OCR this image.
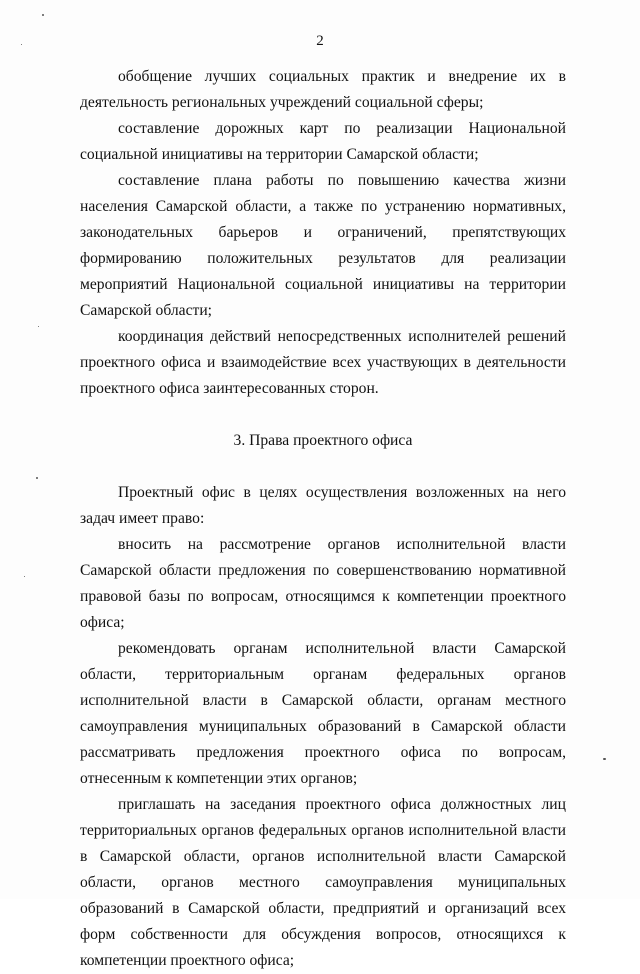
2

обобщение лучших социальных практик и внедрение их в деятельность региональных учреждений социальной сферы;

составление дорожных карт по реализации Национальной социальной инициативы на территории Самарской области;

составление плана работы по повышению качества жизни населения Самарской области, а также по устранению нормативных, законодательных барьеров и ограничений, препятствующих формированию положительных результатов для реализации мероприятий Национальной социальной инициативы на территории Самарской области;

координация действий непосредственных исполнителей решений проектного офиса и взаимодействие всех участвующих в деятельности проектного офиса заинтересованных сторон.

3. Права проектного офиса

Проектный офис в целях осуществления возложенных на него задач имеет право:

вносить на рассмотрение органов исполнительной власти Самарской области предложения по совершенствованию нормативной правовой базы по вопросам, относящимся к компетенции проектного офиса;

рекомендовать органам исполнительной власти Самарской области, территориальным органам федеральных органов исполнительной власти в Самарской области, органам местного самоуправления муниципальных образований в Самарской области рассматривать предложения проектного офиса по вопросам, отнесенным к компетенции этих органов;

приглашать на заседания проектного офиса должностных лиц территориальных органов федеральных органов исполнительной власти в Самарской области, органов исполнительной власти Самарской области, органов местного самоуправления муниципальных образований в Самарской области, предприятий и организаций всех форм собственности для обсуждения вопросов, относящихся к компетенции проектного офиса;
